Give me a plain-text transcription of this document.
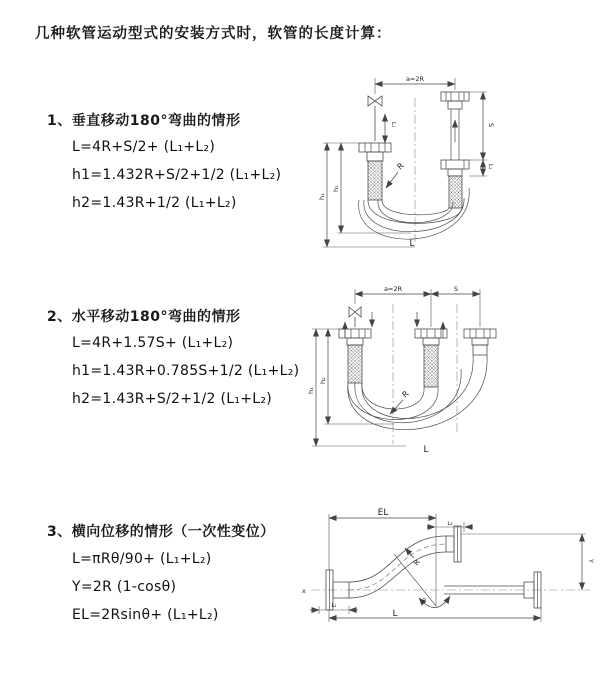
几种软管运动型式的安装方式时，软管的长度计算：
1、垂直移动180°弯曲的情形
L=4R+S/2+ (L₁+L₂)
h1=1.432R+S/2+1/2 (L₁+L₂)
h2=1.43R+1/2 (L₁+L₂)
2、水平移动180°弯曲的情形
L=4R+1.57S+ (L₁+L₂)
h1=1.43R+0.785S+1/2 (L₁+L₂)
h2=1.43R+S/2+1/2 (L₁+L₂)
3、横向位移的情形（一次性变位）
L=πRθ/90+ (L₁+L₂)
Y=2R (1-cosθ)
EL=2Rsinθ+ (L₁+L₂)
a=2R
L₁	S
L₂
h₁
h₂
R
L
a=2R	S
h₁
h₂
R
L
x
EL
L₂
θ
R	Y
L₁
L
